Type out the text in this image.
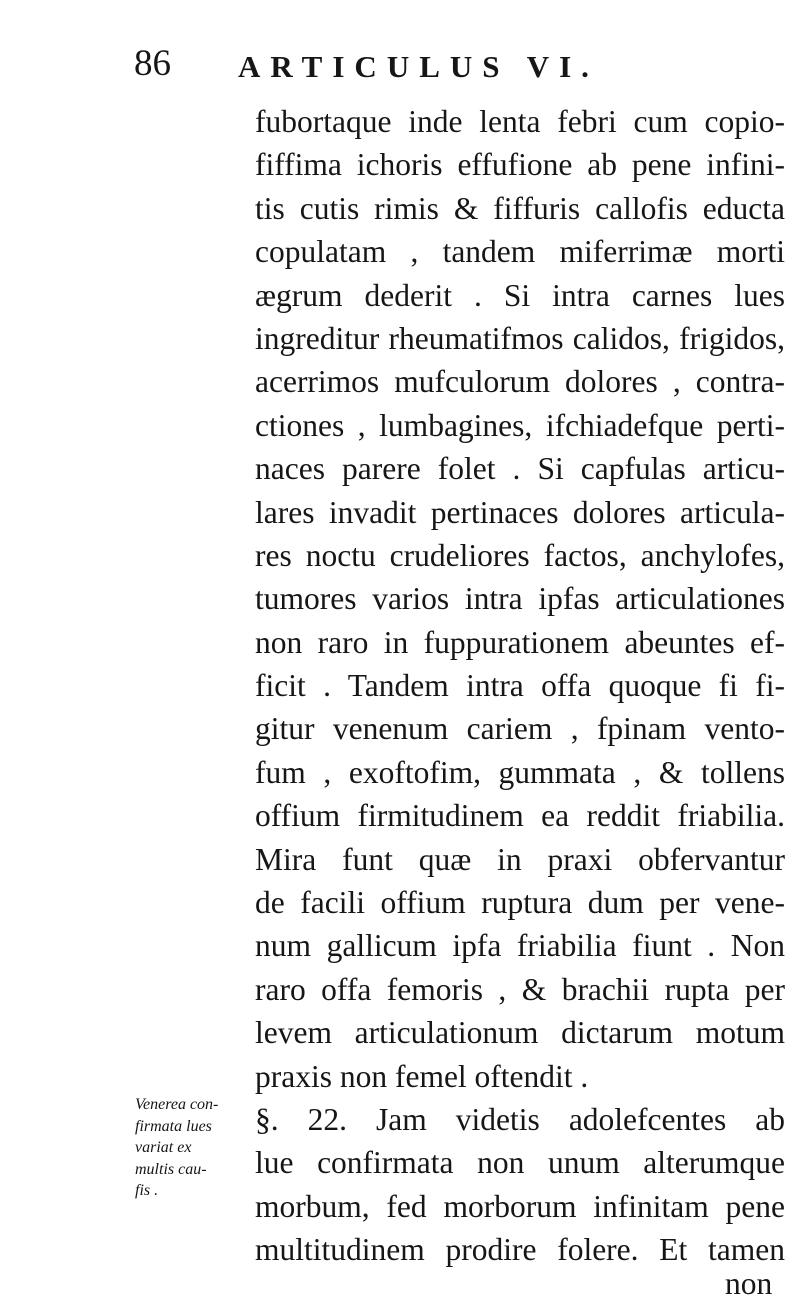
86 ARTICULUS VI.
fubortaque inde lenta febri cum copio-
fiffima ichoris effufione ab pene infini-
tis cutis rimis & fiffuris callofis educta
copulatam , tandem miferrimæ morti
ægrum dederit . Si intra carnes lues
ingreditur rheumatifmos calidos, frigidos,
acerrimos mufculorum dolores , contra-
ctiones , lumbagines, ifchiadefque perti-
naces parere folet . Si capfulas articu-
lares invadit pertinaces dolores articula-
res noctu crudeliores factos, anchylofes,
tumores varios intra ipfas articulationes
non raro in fuppurationem abeuntes ef-
ficit . Tandem intra offa quoque fi fi-
gitur venenum cariem , fpinam vento-
fum , exoftofim, gummata , & tollens
offium firmitudinem ea reddit friabilia.
Mira funt quæ in praxi obfervantur
de facili offium ruptura dum per vene-
num gallicum ipfa friabilia fiunt . Non
raro offa femoris , & brachii rupta per
levem articulationum dictarum motum
praxis non femel oftendit .
§. 22. Jam videtis adolefcentes ab
lue confirmata non unum alterumque
morbum, fed morborum infinitam pene
multitudinem prodire folere. Et tamen
non
Venerea con-
firmata lues
variat ex
multis cau-
fis .
